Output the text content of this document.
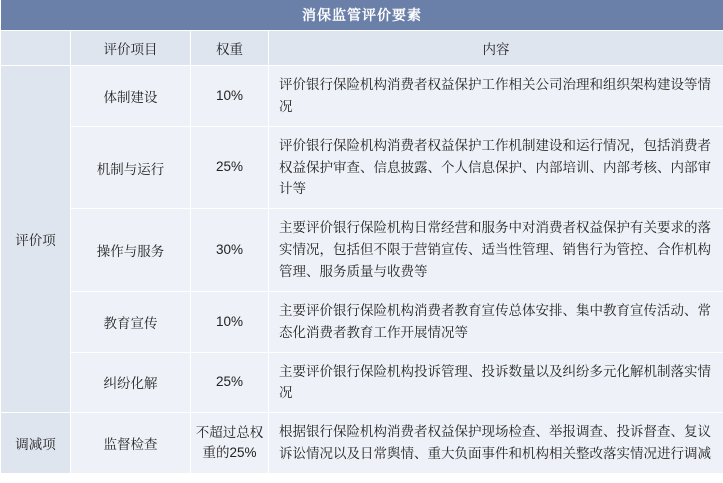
消保监管评价要素			
	评价项目	权重	内容
评价项	体制建设	10%	评价银行保险机构消费者权益保护工作相关公司治理和组织架构建设等情况
	机制与运行	25%	评价银行保险机构消费者权益保护工作机制建设和运行情况，包括消费者权益保护审查、信息披露、个人信息保护、内部培训、内部考核、内部审计等
	操作与服务	30%	主要评价银行保险机构日常经营和服务中对消费者权益保护有关要求的落实情况，包括但不限于营销宣传、适当性管理、销售行为管控、合作机构管理、服务质量与收费等
	教育宣传	10%	主要评价银行保险机构消费者教育宣传总体安排、集中教育宣传活动、常态化消费者教育工作开展情况等
	纠纷化解	25%	主要评价银行保险机构投诉管理、投诉数量以及纠纷多元化解机制落实情况
调减项	监督检查	不超过总权重的25%	根据银行保险机构消费者权益保护现场检查、举报调查、投诉督查、复议诉讼情况以及日常舆情、重大负面事件和机构相关整改落实情况进行调减
